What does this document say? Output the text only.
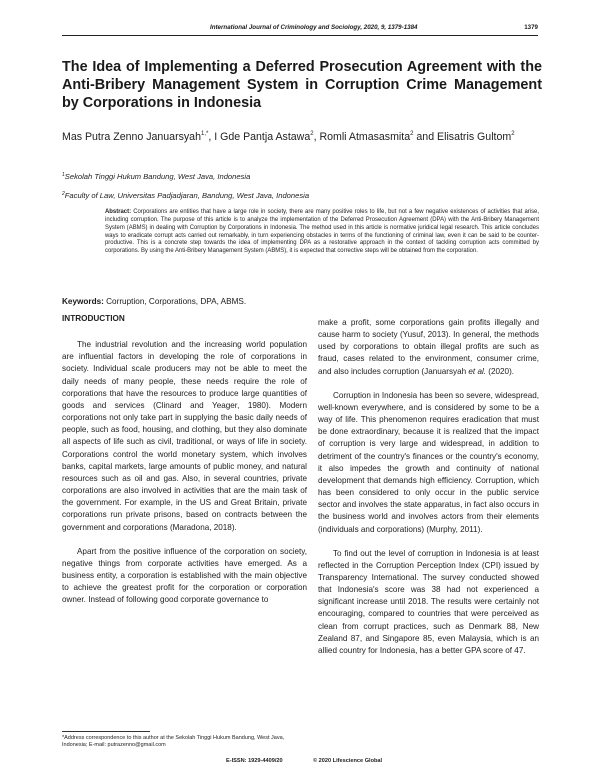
International Journal of Criminology and Sociology, 2020, 9, 1379-1384	1379
The Idea of Implementing a Deferred Prosecution Agreement with the Anti-Bribery Management System in Corruption Crime Management by Corporations in Indonesia
Mas Putra Zenno Januarsyah$^{1,*}$, I Gde Pantja Astawa$^2$, Romli Atmasasmita$^2$ and Elisatris Gultom$^2$
$^1$Sekolah Tinggi Hukum Bandung, West Java, Indonesia
$^2$Faculty of Law, Universitas Padjadjaran, Bandung, West Java, Indonesia
Abstract: Corporations are entities that have a large role in society, there are many positive roles to life, but not a few negative existences of activities that arise, including corruption. The purpose of this article is to analyze the implementation of the Deferred Prosecution Agreement (DPA) with the Anti-Bribery Management System (ABMS) in dealing with Corruption by Corporations in Indonesia. The method used in this article is normative juridical legal research. This article concludes ways to eradicate corrupt acts carried out remarkably, in turn experiencing obstacles in terms of the functioning of criminal law, even it can be said to be counter-productive. This is a concrete step towards the idea of implementing DPA as a restorative approach in the context of tackling corruption acts committed by corporations. By using the Anti-Bribery Management System (ABMS), it is expected that corrective steps will be obtained from the corporation.
Keywords: Corruption, Corporations, DPA, ABMS.
INTRODUCTION

The industrial revolution and the increasing world population are influential factors in developing the role of corporations in society. Individual scale producers may not be able to meet the daily needs of many people, these needs require the role of corporations that have the resources to produce large quantities of goods and services (Clinard and Yeager, 1980). Modern corporations not only take part in supplying the basic daily needs of people, such as food, housing, and clothing, but they also dominate all aspects of life such as civil, traditional, or ways of life in society. Corporations control the world monetary system, which involves banks, capital markets, large amounts of public money, and natural resources such as oil and gas. Also, in several countries, private corporations are also involved in activities that are the main task of the government. For example, in the US and Great Britain, private corporations run private prisons, based on contracts between the government and corporations (Maradona, 2018).

Apart from the positive influence of the corporation on society, negative things from corporate activities have emerged. As a business entity, a corporation is established with the main objective to achieve the greatest profit for the corporation or corporation owner. Instead of following good corporate governance to

make a profit, some corporations gain profits illegally and cause harm to society (Yusuf, 2013). In general, the methods used by corporations to obtain illegal profits are such as fraud, cases related to the environment, consumer crime, and also includes corruption (Januarsyah et al. (2020).

Corruption in Indonesia has been so severe, widespread, well-known everywhere, and is considered by some to be a way of life. This phenomenon requires eradication that must be done extraordinary, because it is realized that the impact of corruption is very large and widespread, in addition to detriment of the country's finances or the country's economy, it also impedes the growth and continuity of national development that demands high efficiency. Corruption, which has been considered to only occur in the public service sector and involves the state apparatus, in fact also occurs in the business world and involves actors from their elements (individuals and corporations) (Murphy, 2011).

To find out the level of corruption in Indonesia is at least reflected in the Corruption Perception Index (CPI) issued by Transparency International. The survey conducted showed that Indonesia's score was 38 had not experienced a significant increase until 2018. The results were certainly not encouraging, compared to countries that were perceived as clean from corrupt practices, such as Denmark 88, New Zealand 87, and Singapore 85, even Malaysia, which is an allied country for Indonesia, has a better GPA score of 47.

*Address correspondence to this author at the Sekolah Tinggi Hukum Bandung, West Java, Indonesia; E-mail: putrazenno@gmail.com
E-ISSN: 1929-4409/20	© 2020 Lifescience Global
